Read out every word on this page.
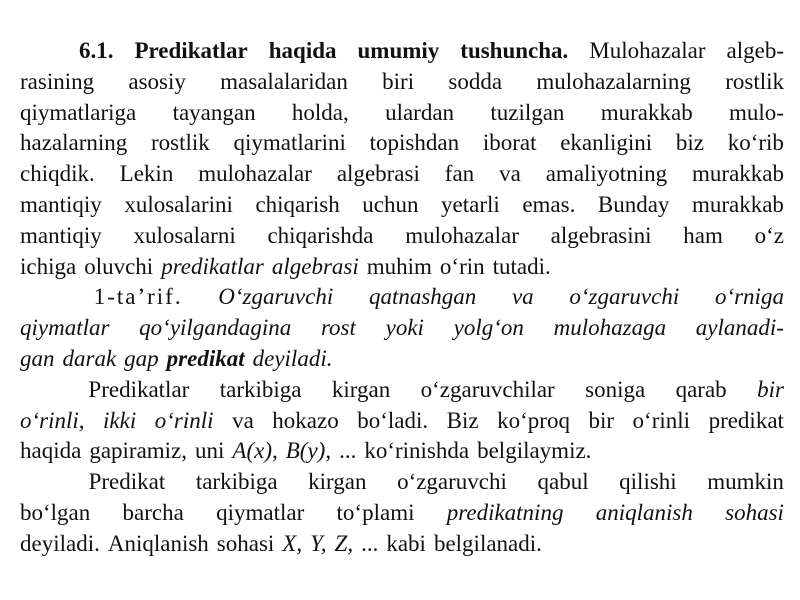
6.1. Predikatlar haqida umumiy tushuncha. Mulohazalar algeb-
rasining asosiy masalalaridan biri sodda mulohazalarning rostlik
qiymatlariga tayangan holda, ulardan tuzilgan murakkab mulo-
hazalarning rostlik qiymatlarini topishdan iborat ekanligini biz ko‘rib
chiqdik. Lekin mulohazalar algebrasi fan va amaliyotning murakkab
mantiqiy xulosalarini chiqarish uchun yetarli emas. Bunday murakkab
mantiqiy xulosalarni chiqarishda mulohazalar algebrasini ham o‘z
ichiga oluvchi predikatlar algebrasi muhim o‘rin tutadi.
1-ta’rif. O‘zgaruvchi qatnashgan va o‘zgaruvchi o‘rniga
qiymatlar qo‘yilgandagina rost yoki yolg‘on mulohazaga aylanadi-
gan darak gap predikat deyiladi.
Predikatlar tarkibiga kirgan o‘zgaruvchilar soniga qarab bir
o‘rinli, ikki o‘rinli va hokazo bo‘ladi. Biz ko‘proq bir o‘rinli predikat
haqida gapiramiz, uni A(x), B(y), ... ko‘rinishda belgilaymiz.
Predikat tarkibiga kirgan o‘zgaruvchi qabul qilishi mumkin
bo‘lgan barcha qiymatlar to‘plami predikatning aniqlanish sohasi
deyiladi. Aniqlanish sohasi X, Y, Z, ... kabi belgilanadi.
